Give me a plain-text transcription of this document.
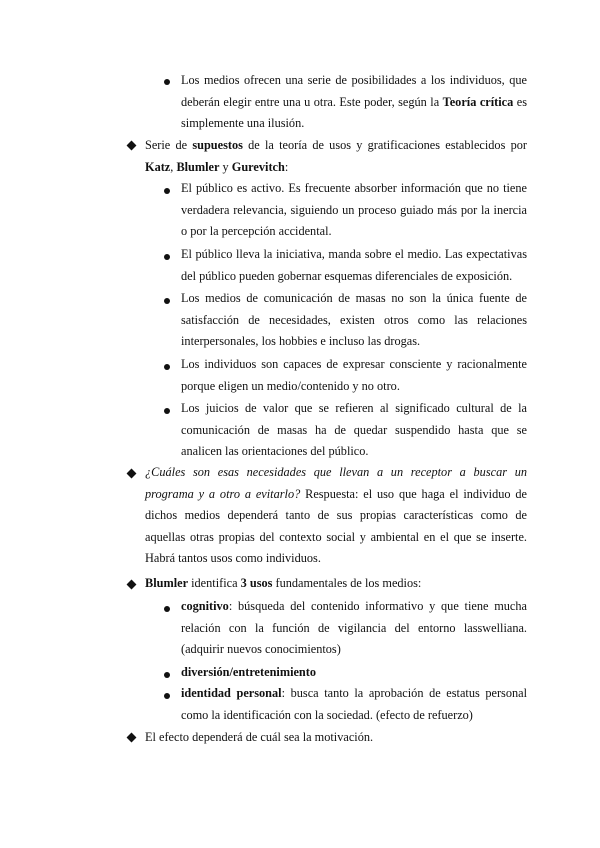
Los medios ofrecen una serie de posibilidades a los individuos, que deberán elegir entre una u otra. Este poder, según la Teoría crítica es simplemente una ilusión.
Serie de supuestos de la teoría de usos y gratificaciones establecidos por Katz, Blumler y Gurevitch:
El público es activo. Es frecuente absorber información que no tiene verdadera relevancia, siguiendo un proceso guiado más por la inercia o por la percepción accidental.
El público lleva la iniciativa, manda sobre el medio. Las expectativas del público pueden gobernar esquemas diferenciales de exposición.
Los medios de comunicación de masas no son la única fuente de satisfacción de necesidades, existen otros como las relaciones interpersonales, los hobbies e incluso las drogas.
Los individuos son capaces de expresar consciente y racionalmente porque eligen un medio/contenido y no otro.
Los juicios de valor que se refieren al significado cultural de la comunicación de masas ha de quedar suspendido hasta que se analicen las orientaciones del público.
¿Cuáles son esas necesidades que llevan a un receptor a buscar un programa y a otro a evitarlo? Respuesta: el uso que haga el individuo de dichos medios dependerá tanto de sus propias características como de aquellas otras propias del contexto social y ambiental en el que se inserte. Habrá tantos usos como individuos.
Blumler identifica 3 usos fundamentales de los medios:
cognitivo: búsqueda del contenido informativo y que tiene mucha relación con la función de vigilancia del entorno lasswelliana. (adquirir nuevos conocimientos)
diversión/entretenimiento
identidad personal: busca tanto la aprobación de estatus personal como la identificación con la sociedad. (efecto de refuerzo)
El efecto dependerá de cuál sea la motivación.
